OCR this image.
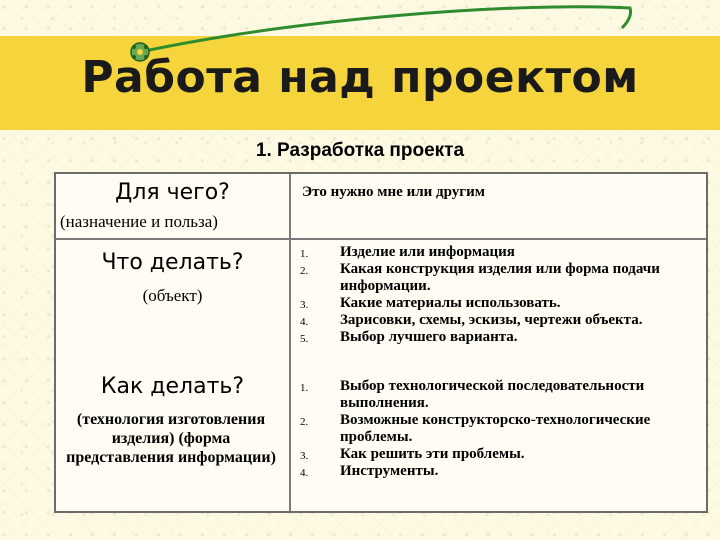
Работа над проектом
1. Разработка проекта
Для чего?
(назначение и польза)
Это нужно мне или другим
Что делать?
(объект)
1. Изделие или информация
2. Какая конструкция изделия или форма подачи информации.
3. Какие материалы использовать.
4. Зарисовки, схемы, эскизы, чертежи объекта.
5. Выбор лучшего варианта.
Как делать?
(технология изготовления изделия) (форма представления информации)
1. Выбор технологической последовательности выполнения.
2. Возможные конструкторско-технологические проблемы.
3. Как решить эти проблемы.
4. Инструменты.
